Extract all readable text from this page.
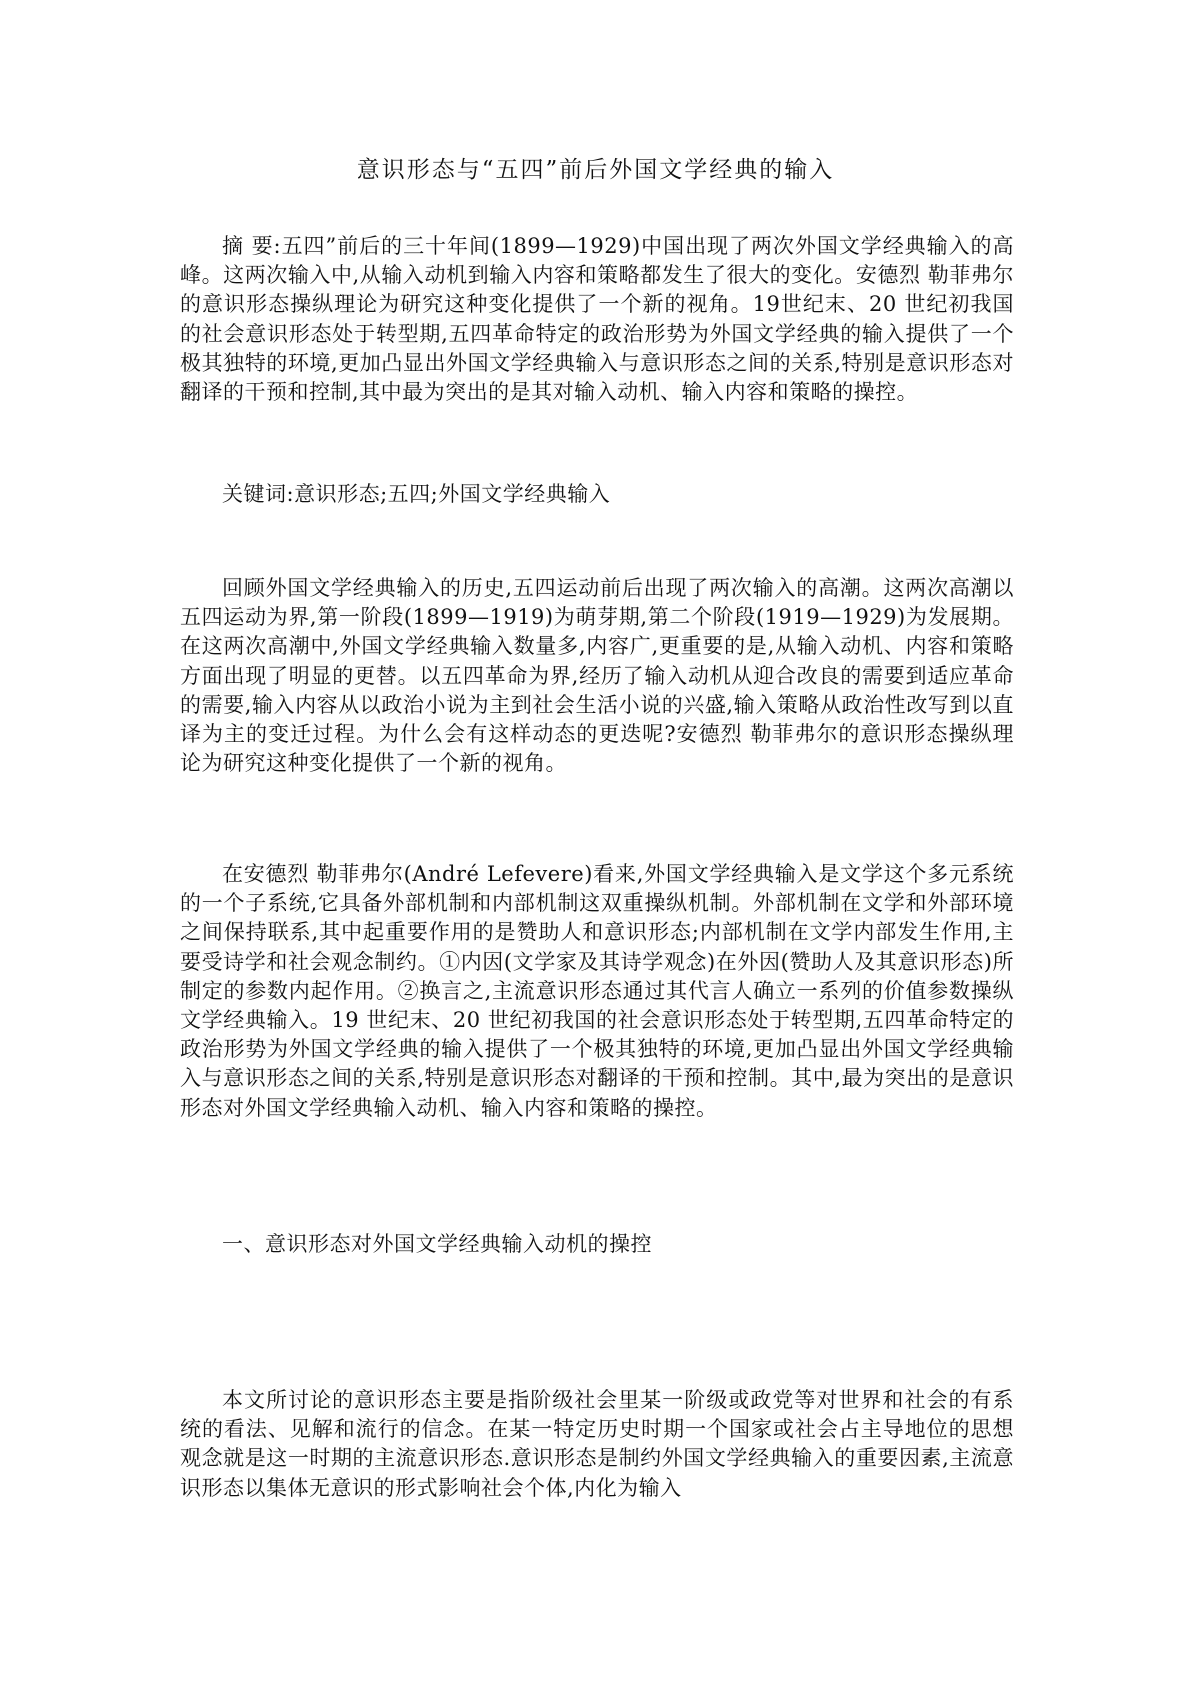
意识形态与“五四”前后外国文学经典的输入

摘 要:五四”前后的三十年间(1899—1929)中国出现了两次外国文学经典输入的高峰。这两次输入中,从输入动机到输入内容和策略都发生了很大的变化。安德烈 勒菲弗尔的意识形态操纵理论为研究这种变化提供了一个新的视角。19世纪末、20 世纪初我国的社会意识形态处于转型期,五四革命特定的政治形势为外国文学经典的输入提供了一个极其独特的环境,更加凸显出外国文学经典输入与意识形态之间的关系,特别是意识形态对翻译的干预和控制,其中最为突出的是其对输入动机、输入内容和策略的操控。

关键词:意识形态;五四;外国文学经典输入

回顾外国文学经典输入的历史,五四运动前后出现了两次输入的高潮。这两次高潮以五四运动为界,第一阶段(1899—1919)为萌芽期,第二个阶段(1919—1929)为发展期。在这两次高潮中,外国文学经典输入数量多,内容广,更重要的是,从输入动机、内容和策略方面出现了明显的更替。以五四革命为界,经历了输入动机从迎合改良的需要到适应革命的需要,输入内容从以政治小说为主到社会生活小说的兴盛,输入策略从政治性改写到以直译为主的变迁过程。为什么会有这样动态的更迭呢?安德烈 勒菲弗尔的意识形态操纵理论为研究这种变化提供了一个新的视角。

在安德烈 勒菲弗尔(André Lefevere)看来,外国文学经典输入是文学这个多元系统的一个子系统,它具备外部机制和内部机制这双重操纵机制。外部机制在文学和外部环境之间保持联系,其中起重要作用的是赞助人和意识形态;内部机制在文学内部发生作用,主要受诗学和社会观念制约。①内因(文学家及其诗学观念)在外因(赞助人及其意识形态)所制定的参数内起作用。②换言之,主流意识形态通过其代言人确立一系列的价值参数操纵文学经典输入。19 世纪末、20 世纪初我国的社会意识形态处于转型期,五四革命特定的政治形势为外国文学经典的输入提供了一个极其独特的环境,更加凸显出外国文学经典输入与意识形态之间的关系,特别是意识形态对翻译的干预和控制。其中,最为突出的是意识形态对外国文学经典输入动机、输入内容和策略的操控。

一、意识形态对外国文学经典输入动机的操控

本文所讨论的意识形态主要是指阶级社会里某一阶级或政党等对世界和社会的有系统的看法、见解和流行的信念。在某一特定历史时期一个国家或社会占主导地位的思想观念就是这一时期的主流意识形态.意识形态是制约外国文学经典输入的重要因素,主流意识形态以集体无意识的形式影响社会个体,内化为输入
